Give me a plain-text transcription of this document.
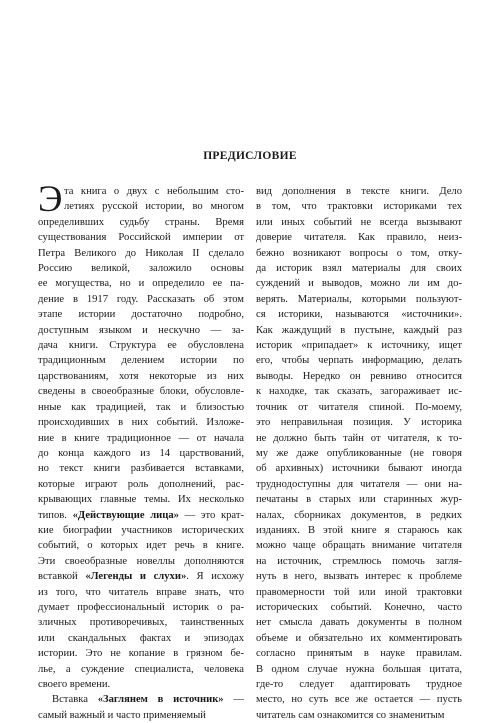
ПРЕДИСЛОВИЕ
Э та книга о двух с небольшим сто-
летиях русской истории, во многом
определивших судьбу страны. Время
существования Российской империи от
Петра Великого до Николая II сделало
Россию великой, заложило основы
ее могущества, но и определило ее па-
дение в 1917 году. Рассказать об этом
этапе истории достаточно подробно,
доступным языком и нескучно — за-
дача книги. Структура ее обусловлена
традиционным делением истории по
царствованиям, хотя некоторые из них
сведены в своеобразные блоки, обусловле-
нные как традицией, так и близостью
происходивших в них событий. Изложе-
ние в книге традиционное — от начала
до конца каждого из 14 царствований,
но текст книги разбивается вставками,
которые играют роль дополнений, рас-
крывающих главные темы. Их несколько
типов. «Действующие лица» — это крат-
кие биографии участников исторических
событий, о которых идет речь в книге.
Эти своеобразные новеллы дополняются
вставкой «Легенды и слухи». Я исхожу
из того, что читатель вправе знать, что
думает профессиональный историк о ра-
зличных противоречивых, таинственных
или скандальных фактах и эпизодах
истории. Это не копание в грязном бе-
лье, а суждение специалиста, человека
своего времени.
Вставка «Заглянем в источник» —
самый важный и часто применяемый
вид дополнения в тексте книги. Дело
в том, что трактовки историками тех
или иных событий не всегда вызывают
доверие читателя. Как правило, неиз-
бежно возникают вопросы о том, отку-
да историк взял материалы для своих
суждений и выводов, можно ли им до-
верять. Материалы, которыми пользуют-
ся историки, называются «источники».
Как жаждущий в пустыне, каждый раз
историк «припадает» к источнику, ищет
его, чтобы черпать информацию, делать
выводы. Нередко он ревниво относится
к находке, так сказать, загораживает ис-
точник от читателя спиной. По-моему,
это неправильная позиция. У историка
не должно быть тайн от читателя, к то-
му же даже опубликованные (не говоря
об архивных) источники бывают иногда
труднодоступны для читателя — они на-
печатаны в старых или старинных жур-
налах, сборниках документов, в редких
изданиях. В этой книге я стараюсь как
можно чаще обращать внимание читателя
на источник, стремлюсь помочь загля-
нуть в него, вызвать интерес к проблеме
правомерности той или иной трактовки
исторических событий. Конечно, часто
нет смысла давать документы в полном
объеме и обязательно их комментировать
согласно принятым в науке правилам.
В одном случае нужна большая цитата,
где-то следует адаптировать трудное
место, но суть все же остается — пусть
читатель сам ознакомится со знаменитым
